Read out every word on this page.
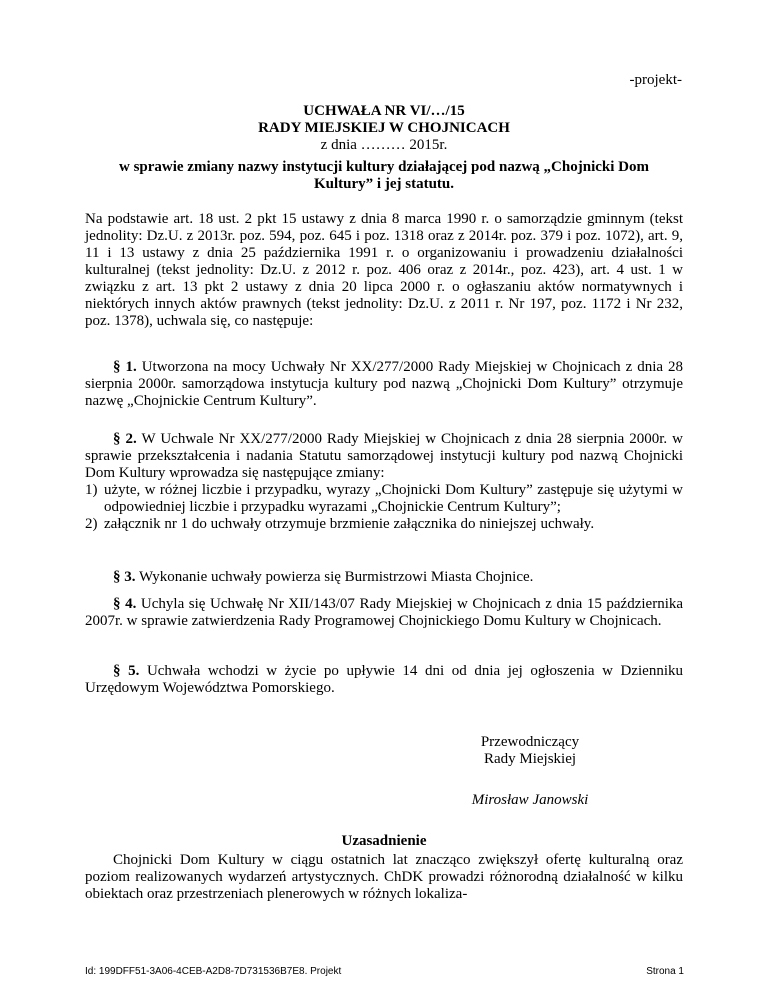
-projekt-
UCHWAŁA NR VI/…/15
RADY MIEJSKIEJ W CHOJNICACH
z dnia ……… 2015r.
w sprawie zmiany nazwy instytucji kultury działającej pod nazwą „Chojnicki Dom Kultury” i jej statutu.

Na podstawie art. 18 ust. 2 pkt 15 ustawy z dnia 8 marca 1990 r. o samorządzie gminnym (tekst jednolity: Dz.U. z 2013r. poz. 594, poz. 645 i poz. 1318 oraz z 2014r. poz. 379 i poz. 1072), art. 9, 11 i 13 ustawy z dnia 25 października 1991 r. o organizowaniu i prowadzeniu działalności kulturalnej (tekst jednolity: Dz.U. z 2012 r. poz. 406 oraz z 2014r., poz. 423), art. 4 ust. 1 w związku z art. 13 pkt 2 ustawy z dnia 20 lipca 2000 r. o ogłaszaniu aktów normatywnych i niektórych innych aktów prawnych (tekst jednolity: Dz.U. z 2011 r. Nr 197, poz. 1172 i Nr 232, poz. 1378), uchwala się, co następuje:

§ 1. Utworzona na mocy Uchwały Nr XX/277/2000 Rady Miejskiej w Chojnicach z dnia 28 sierpnia 2000r. samorządowa instytucja kultury pod nazwą „Chojnicki Dom Kultury” otrzymuje nazwę „Chojnickie Centrum Kultury”.

§ 2. W Uchwale Nr XX/277/2000 Rady Miejskiej w Chojnicach z dnia 28 sierpnia 2000r. w sprawie przekształcenia i nadania Statutu samorządowej instytucji kultury pod nazwą Chojnicki Dom Kultury wprowadza się następujące zmiany:

1) użyte, w różnej liczbie i przypadku, wyrazy „Chojnicki Dom Kultury” zastępuje się użytymi w odpowiedniej liczbie i przypadku wyrazami „Chojnickie Centrum Kultury”;
2) załącznik nr 1 do uchwały otrzymuje brzmienie załącznika do niniejszej uchwały.

§ 3. Wykonanie uchwały powierza się Burmistrzowi Miasta Chojnice.

§ 4. Uchyla się Uchwałę Nr XII/143/07 Rady Miejskiej w Chojnicach z dnia 15 października 2007r. w sprawie zatwierdzenia Rady Programowej Chojnickiego Domu Kultury w Chojnicach.

§ 5. Uchwała wchodzi w życie po upływie 14 dni od dnia jej ogłoszenia w Dzienniku Urzędowym Województwa Pomorskiego.

Przewodniczący
Rady Miejskiej
Mirosław Janowski
Uzasadnienie

Chojnicki Dom Kultury w ciągu ostatnich lat znacząco zwiększył ofertę kulturalną oraz poziom realizowanych wydarzeń artystycznych. ChDK prowadzi różnorodną działalność w kilku obiektach oraz przestrzeniach plenerowych w różnych lokaliza-

Id: 199DFF51-3A06-4CEB-A2D8-7D731536B7E8. Projekt	Strona 1
